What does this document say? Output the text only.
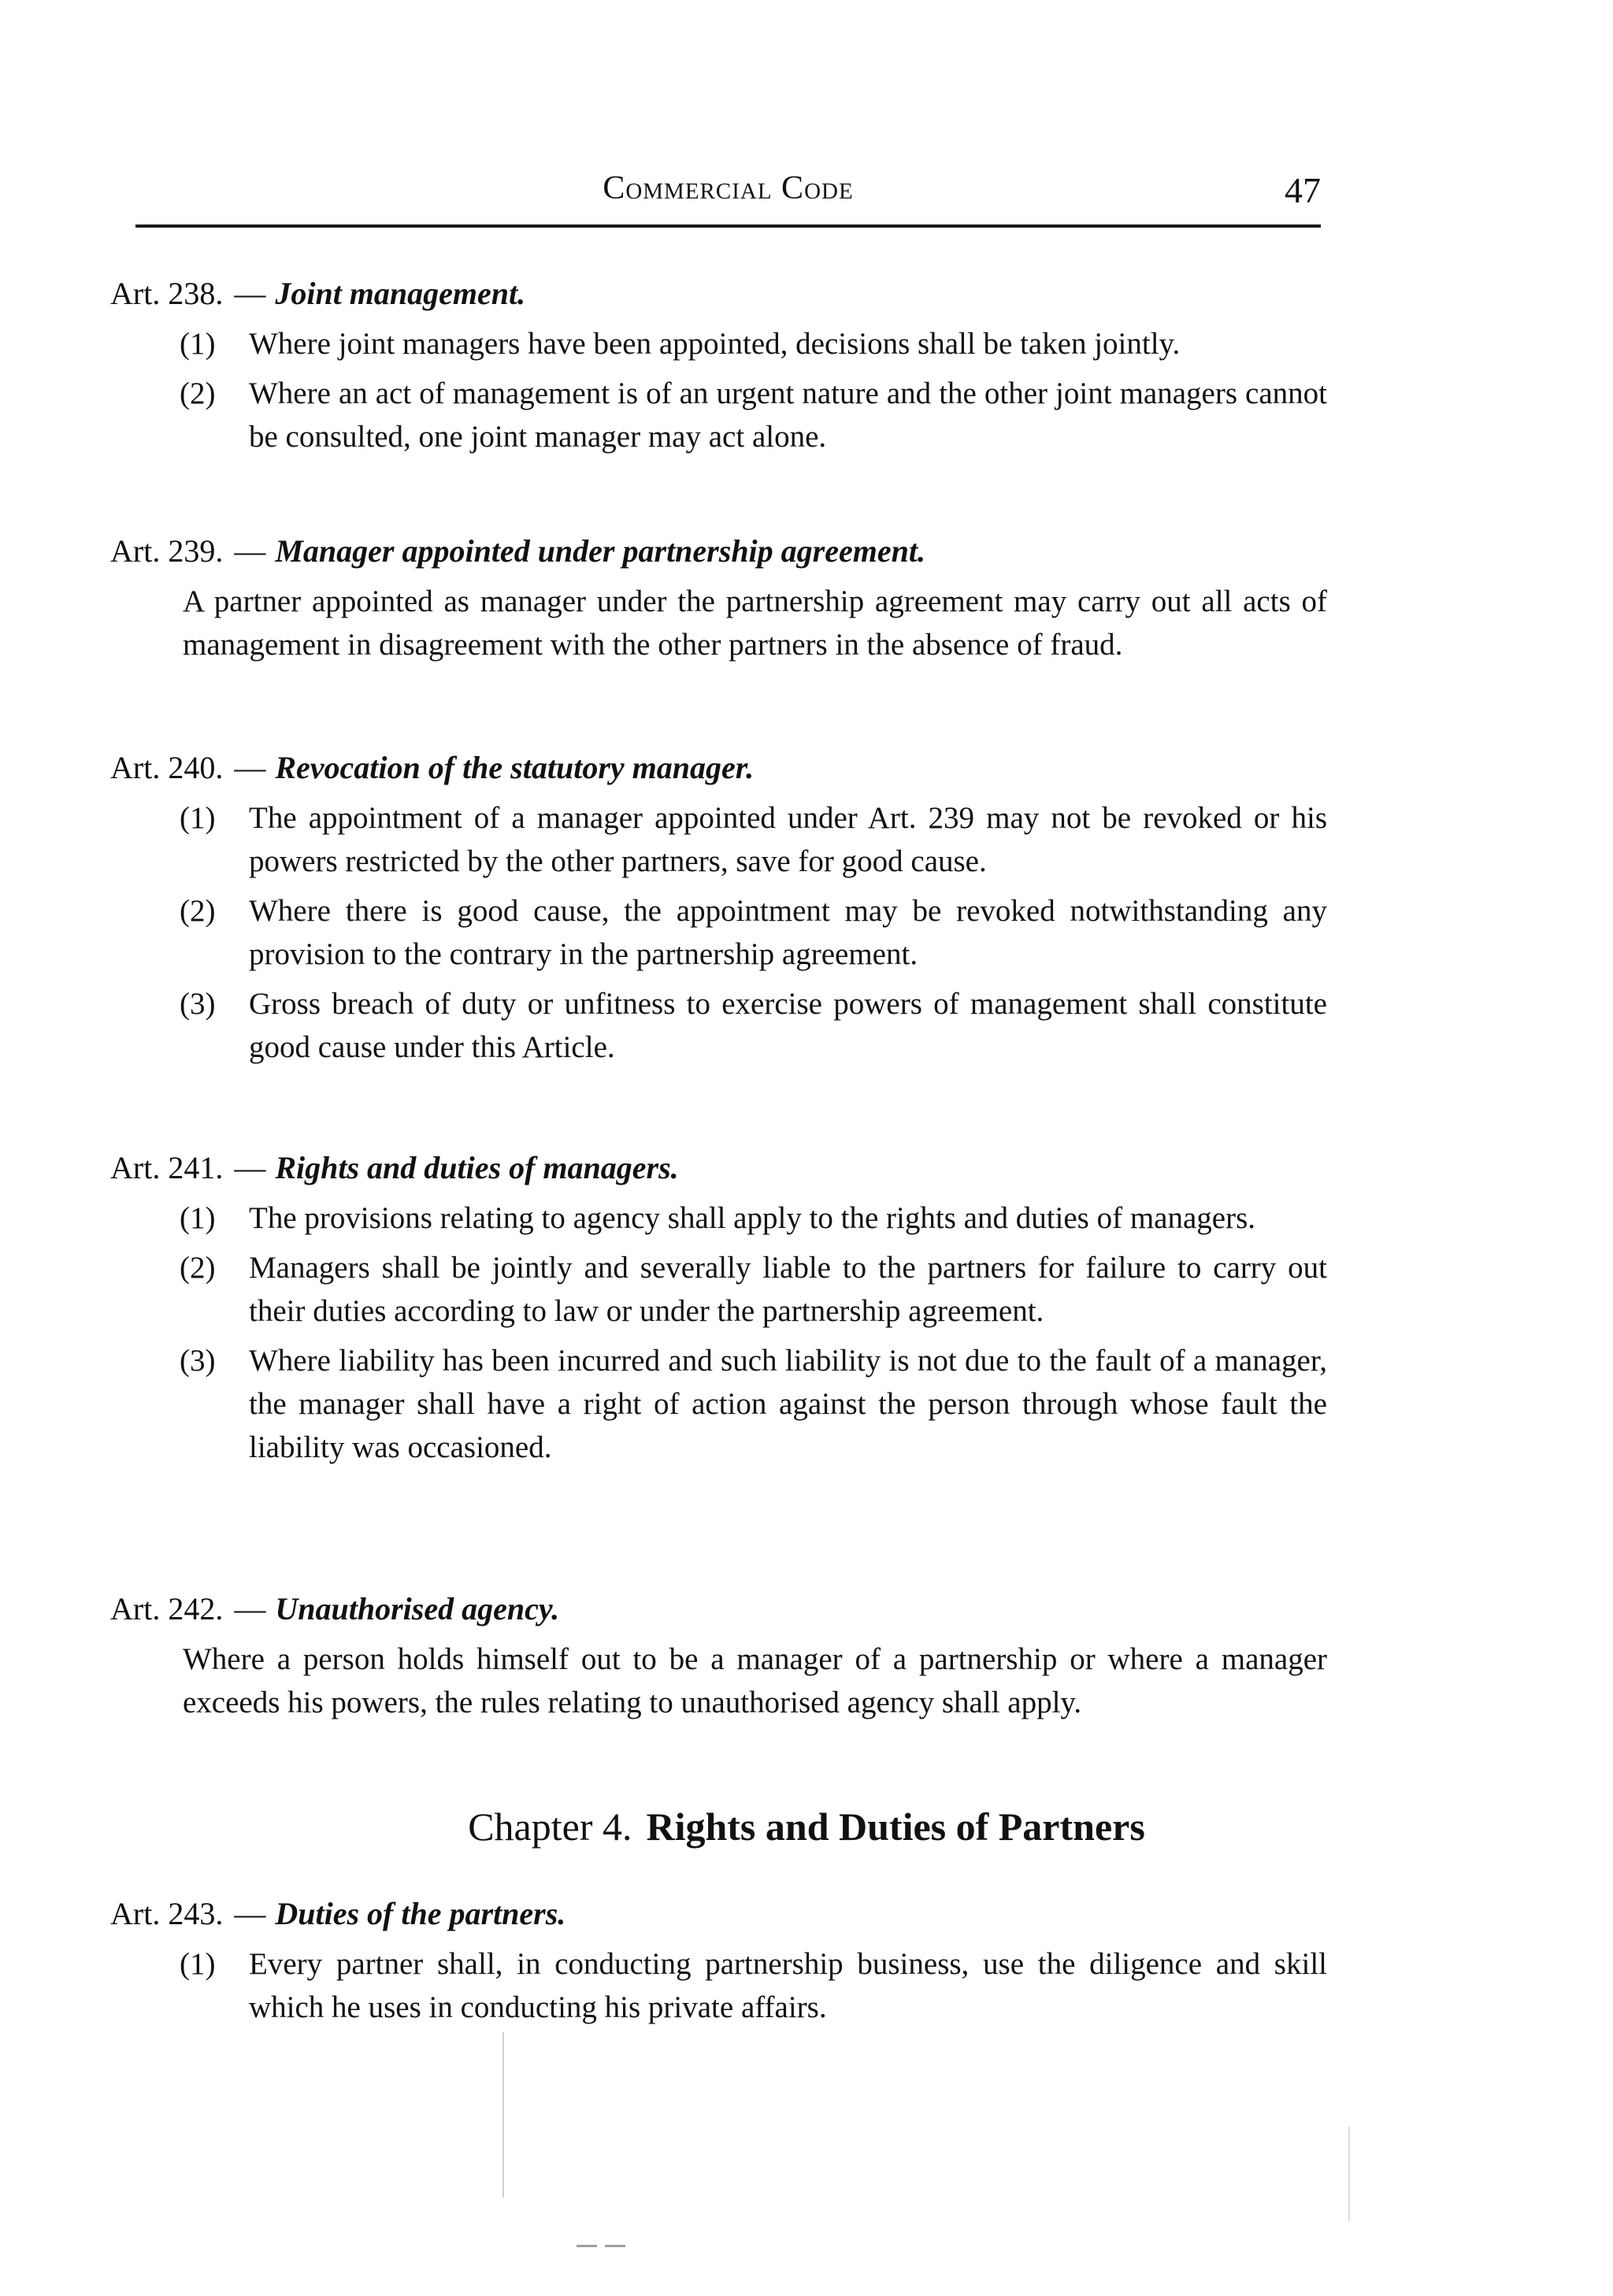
Commercial Code	47
Art. 238. — Joint management.
(1) Where joint managers have been appointed, decisions shall be taken jointly.
(2) Where an act of management is of an urgent nature and the other joint managers cannot be consulted, one joint manager may act alone.
Art. 239. — Manager appointed under partnership agreement.
A partner appointed as manager under the partnership agreement may carry out all acts of management in disagreement with the other partners in the absence of fraud.
Art. 240. — Revocation of the statutory manager.
(1) The appointment of a manager appointed under Art. 239 may not be revoked or his powers restricted by the other partners, save for good cause.
(2) Where there is good cause, the appointment may be revoked notwithstanding any provision to the contrary in the partnership agreement.
(3) Gross breach of duty or unfitness to exercise powers of management shall constitute good cause under this Article.
Art. 241. — Rights and duties of managers.
(1) The provisions relating to agency shall apply to the rights and duties of managers.
(2) Managers shall be jointly and severally liable to the partners for failure to carry out their duties according to law or under the partnership agreement.
(3) Where liability has been incurred and such liability is not due to the fault of a manager, the manager shall have a right of action against the person through whose fault the liability was occasioned.
Art. 242. — Unauthorised agency.
Where a person holds himself out to be a manager of a partnership or where a manager exceeds his powers, the rules relating to unauthorised agency shall apply.
Chapter 4. Rights and Duties of Partners
Art. 243. — Duties of the partners.
(1) Every partner shall, in conducting partnership business, use the diligence and skill which he uses in conducting his private affairs.
